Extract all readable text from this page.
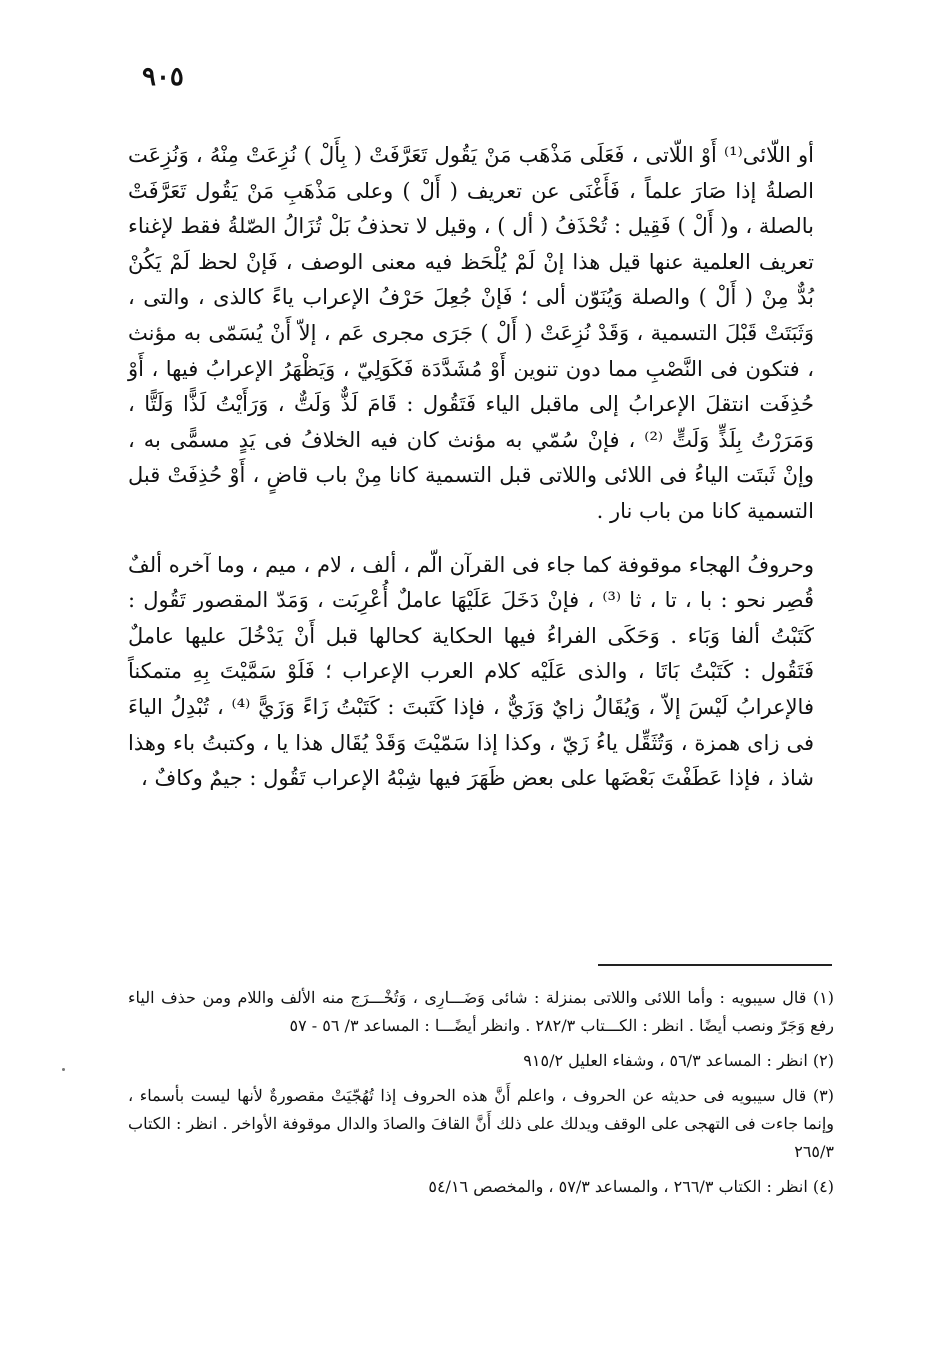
٩٠٥

أو اللّائى⁽¹⁾ أَوْ اللّاتى ، فَعَلَى مَذْهَب مَنْ يَقُول تَعَرَّفَتْ ( بِأَلْ ) نُزِعَتْ مِنْهُ ، وَنُزِعَت الصلةُ إذا صَارَ علماً ، فَأَغْنَى عن تعريف ( أَلْ ) وعلى مَذْهَبِ مَنْ يَقُول تَعَرَّفَتْ بالصلة ، و( أَلْ ) فَقِيل : تُحْذَفُ ( أل ) ، وقيل لا تحذفُ بَلْ تُزَالُ الصّلةُ فقط لإغناء تعريف العلمية عنها قيل هذا إنْ لَمْ يُلْحَظ فيه معنى الوصف ، فَإنْ لحظ لَمْ يَكُنْ بُدٌّ مِنْ ( أَلْ ) والصلة وَيُنَوّن ألى ؛ فَإنْ جُعِلَ حَرْفُ الإعراب ياءً كالذى ، والتى ، وَثَبَتَتْ قَبْلَ التسمية ، وَقَدْ نُزِعَتْ ( أَلْ ) جَرَى مجرى عَم ، إلاّ أَنْ يُسَمّى به مؤنث ، فتكون فى النَّصْبِ مما دون تنوين أَوْ مُشَدَّدَة فَكَوَلِيّ ، وَيَظْهَرُ الإعرابُ فيها ، أَوْ حُذِفَت انتقلَ الإعرابُ إلى ماقبل الياء فَتَقُول : قَامَ لَذٌّ وَلَتٌّ ، وَرَأَيْتُ لَذًّا وَلَتًّا ، وَمَرَرْتُ بِلَذٍّ وَلَتٍّ ⁽²⁾ ، فإنْ سُمّي به مؤنث كان فيه الخلافُ فى يَدٍ مسمًّى به ، وإنْ ثَبتَت الياءُ فى اللائى واللاتى قبل التسمية كانا مِنْ باب قاضٍ ، أَوْ حُذِفَتْ قبل التسمية كانا من باب نار .

وحروفُ الهجاء موقوفة كما جاء فى القرآن الّم ، ألف ، لام ، ميم ، وما آخره ألفٌ قُصِر نحو : با ، تا ، ثا ⁽³⁾ ، فإنْ دَخَلَ عَلَيْهَا عاملٌ أُعْرِبَت ، وَمَدّ المقصور تَقُول : كَتَبْتُ ألفا وَبَاء . وَحَكَى الفراءُ فيها الحكاية كحالها قبل أَنْ يَدْخُلَ عليها عاملٌ فَتَقُول : كَتَبْتُ بَاتَا ، والذى عَلَيْه كلام العرب الإعراب ؛ فَلَوْ سَمَّيْتَ بِهِ متمكناً فالإعرابُ لَيْسَ إلاّ ، وَيُقَالُ زايٌ وَزَيٌّ ، فإذا كَتَبتَ : كَتَبْتُ زَاءً وَزَيًّ ⁽⁴⁾ ، تُبْدِلُ الياءَ فى زاى همزة ، وَتُثَقِّل ياءُ زَيّ ، وكذا إذا سَمّيْتَ وَقَدْ يُقَال هذا يا ، وكتبتُ باء وهذا شاذ ، فإذا عَطَفْتَ بَعْضَها على بعض ظَهَرَ فيها شِبْهُ الإعراب تَقُول : جيمٌ وكافٌ ،

(١) قال سيبويه : وأما اللائى واللاتى بمنزلة : شائى وَضَـــارِى ، وَتُخْـــرَج منه الألف واللام ومن حذف الياء رفع وَجَرّ ونصب أيضًا . انظر : الكـــتاب ٢٨٢/٣ . وانظر أيضًـــا : المساعد ٣/ ٥٦ - ٥٧

(٢) انظر : المساعد ٥٦/٣ ، وشفاء العليل ٩١٥/٢

(٣) قال سيبويه فى حديثه عن الحروف ، واعلم أَنَّ هذه الحروف إذا تُهُجّيَتْ مقصورةٌ لأنها ليست بأسماء ، وإنما جاءت فى التهجى على الوقف ويدلك على ذلك أَنَّ القافَ والصادَ والدال موقوفة الأواخر . انظر : الكتاب ٢٦٥/٣

(٤) انظر : الكتاب ٢٦٦/٣ ، والمساعد ٥٧/٣ ، والمخصص ٥٤/١٦
